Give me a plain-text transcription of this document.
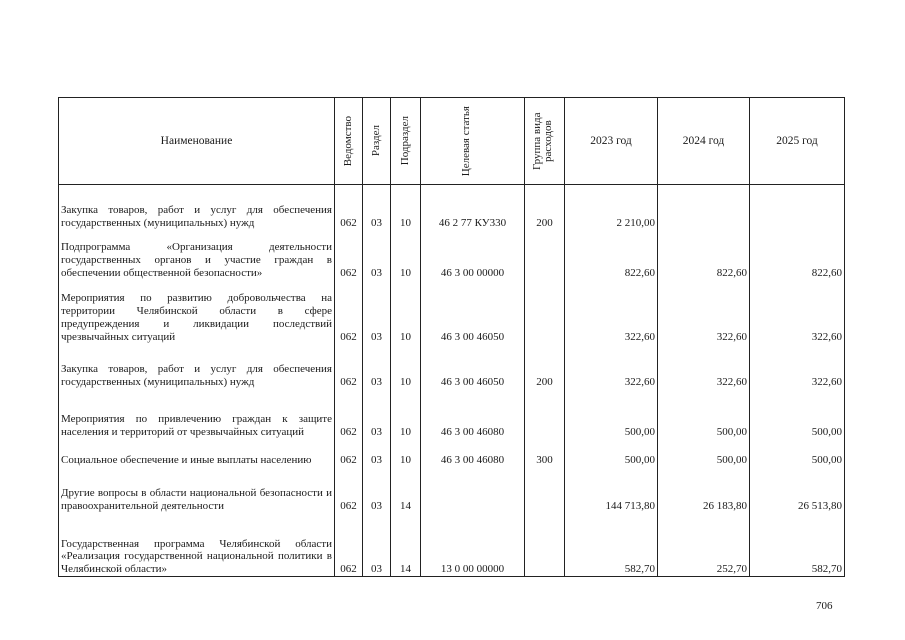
Наименование	Ведомство	Раздел	Подраздел	Целевая статья	Группа вида расходов	2023 год	2024 год	2025 год

Закупка товаров, работ и услуг для обеспечения государственных (муниципальных) нужд	062	03	10	46 2 77 КУ330	200	2 210,00		
Подпрограмма «Организация деятельности государственных органов и участие граждан в обеспечении общественной безопасности»	062	03	10	46 3 00 00000		822,60	822,60	822,60
Мероприятия по развитию добровольчества на территории Челябинской области в сфере предупреждения и ликвидации последствий чрезвычайных ситуаций	062	03	10	46 3 00 46050		322,60	322,60	322,60
Закупка товаров, работ и услуг для обеспечения государственных (муниципальных) нужд	062	03	10	46 3 00 46050	200	322,60	322,60	322,60
Мероприятия по привлечению граждан к защите населения и территорий от чрезвычайных ситуаций	062	03	10	46 3 00 46080		500,00	500,00	500,00
Социальное обеспечение и иные выплаты населению	062	03	10	46 3 00 46080	300	500,00	500,00	500,00
Другие вопросы в области национальной безопасности и правоохранительной деятельности	062	03	14			144 713,80	26 183,80	26 513,80
Государственная программа Челябинской области «Реализация государственной национальной политики в Челябинской области»	062	03	14	13 0 00 00000		582,70	252,70	582,70
706
